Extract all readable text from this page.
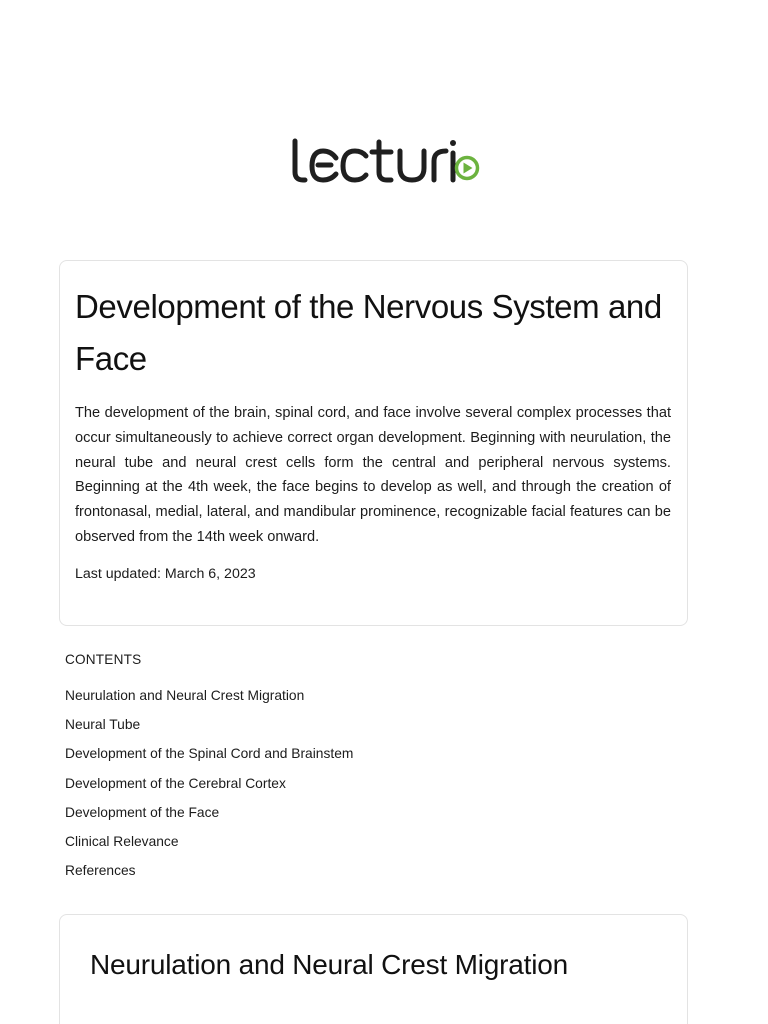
Development of the Nervous System and Face

The development of the brain, spinal cord, and face involve several complex processes that occur simultaneously to achieve correct organ development. Beginning with neurulation, the neural tube and neural crest cells form the central and peripheral nervous systems. Beginning at the 4th week, the face begins to develop as well, and through the creation of frontonasal, medial, lateral, and mandibular prominence, recognizable facial features can be observed from the 14th week onward.

Last updated: March 6, 2023

CONTENTS
Neurulation and Neural Crest Migration
Neural Tube
Development of the Spinal Cord and Brainstem
Development of the Cerebral Cortex
Development of the Face
Clinical Relevance
References
Neurulation and Neural Crest Migration
